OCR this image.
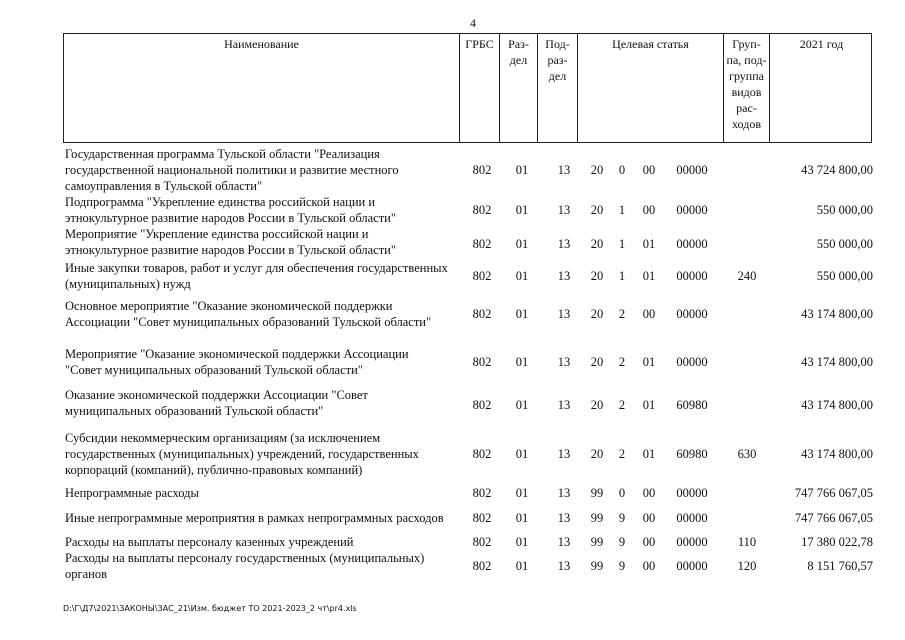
4
Наименование	ГРБС	Раз-
дел
Под-
раз-
дел
Целевая статья	Груп-
па, под-
группа
видов
рас-
ходов
2021 год
Государственная программа Тульской области "Реализация
государственной национальной политики и развитие местного
самоуправления в Тульской области"
802	01	13	20	0	00	00000	43 724 800,00
Подпрограмма "Укрепление единства российской нации и
этнокультурное развитие народов России в Тульской области"
802	01	13	20	1	00	00000	550 000,00
Мероприятие "Укрепление единства российской нации и
этнокультурное развитие народов России в Тульской области"	802	01	13	20	1	01	00000	550 000,00
Иные закупки товаров, работ и услуг для обеспечения государственных
(муниципальных) нужд
802	01	13	20	1	01	00000	240	550 000,00
Основное мероприятие "Оказание экономической поддержки
Ассоциации "Совет муниципальных образований Тульской области"
802	01	13	20	2	00	00000	43 174 800,00
Мероприятие "Оказание экономической поддержки Ассоциации
"Совет муниципальных образований Тульской области"
802	01	13	20	2	01	00000	43 174 800,00
Оказание экономической поддержки Ассоциации "Совет
муниципальных образований Тульской области"	802	01	13	20	2	01	60980	43 174 800,00
Субсидии некоммерческим организациям (за исключением
государственных (муниципальных) учреждений, государственных
корпораций (компаний), публично-правовых компаний)
802	01	13	20	2	01	60980	630	43 174 800,00
Непрограммные расходы	802	01	13	99	0	00	00000	747 766 067,05
Иные непрограммные мероприятия в рамках непрограммных расходов	802	01	13	99	9	00	00000	747 766 067,05
Расходы на выплаты персоналу казенных учреждений	802	01	13	99	9	00	00000	110	17 380 022,78
Расходы на выплаты персоналу государственных (муниципальных)
органов
802	01	13	99	9	00	00000	120	8 151 760,57
D:\Г\Д7\2021\ЗАКОНЫ\ЗАС_21\Изм. бюджет ТО 2021-2023_2 чт\pr4.xls
